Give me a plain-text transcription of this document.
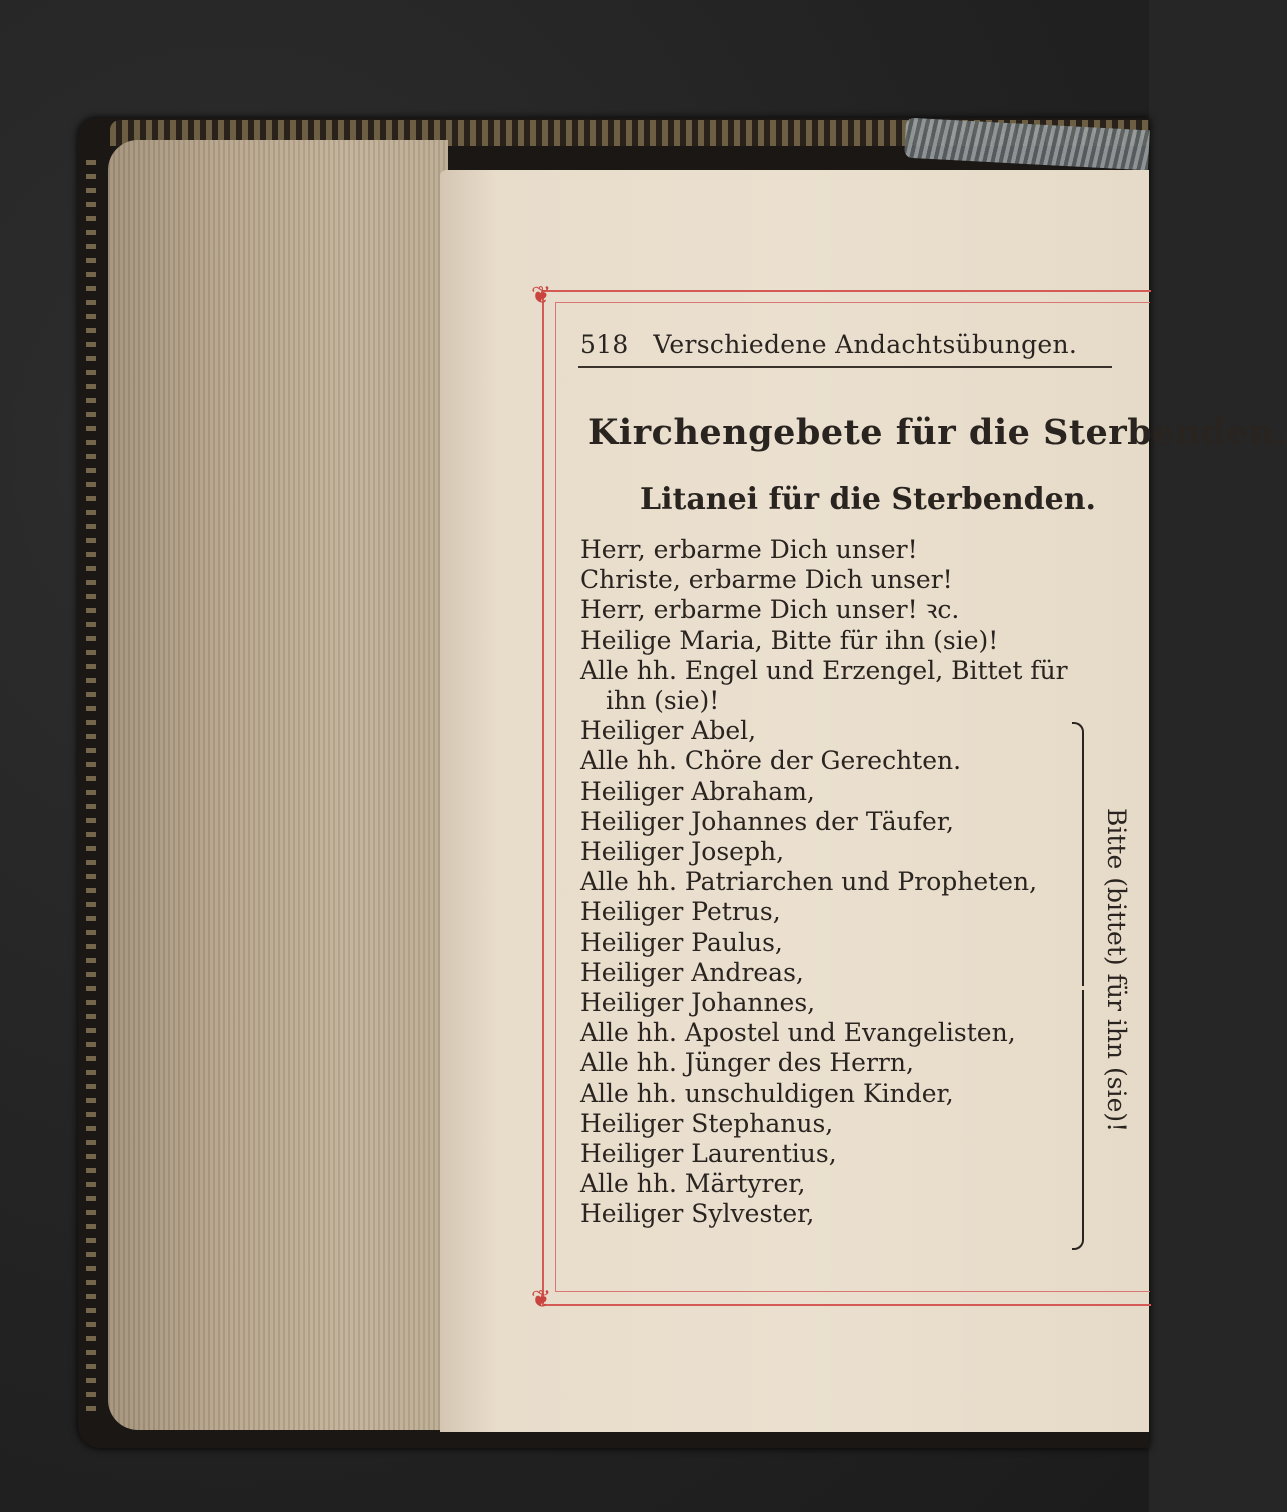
❦
❦
518 Verschiedene Andachtsübungen.
Kirchengebete für die Sterbenden.
Litanei für die Sterbenden.
Herr, erbarme Dich unser!
Christe, erbarme Dich unser!
Herr, erbarme Dich unser! ꝛc.
Heilige Maria, Bitte für ihn (sie)!
Alle hh. Engel und Erzengel, Bittet für
ihn (sie)!
Heiliger Abel,
Alle hh. Chöre der Gerechten.
Heiliger Abraham,
Heiliger Johannes der Täufer,
Heiliger Joseph,
Alle hh. Patriarchen und Propheten,
Heiliger Petrus,
Heiliger Paulus,
Heiliger Andreas,
Heiliger Johannes,
Alle hh. Apostel und Evangelisten,
Alle hh. Jünger des Herrn,
Alle hh. unschuldigen Kinder,
Heiliger Stephanus,
Heiliger Laurentius,
Alle hh. Märtyrer,
Heiliger Sylvester,
Bitte (bittet) für ihn (sie)!
